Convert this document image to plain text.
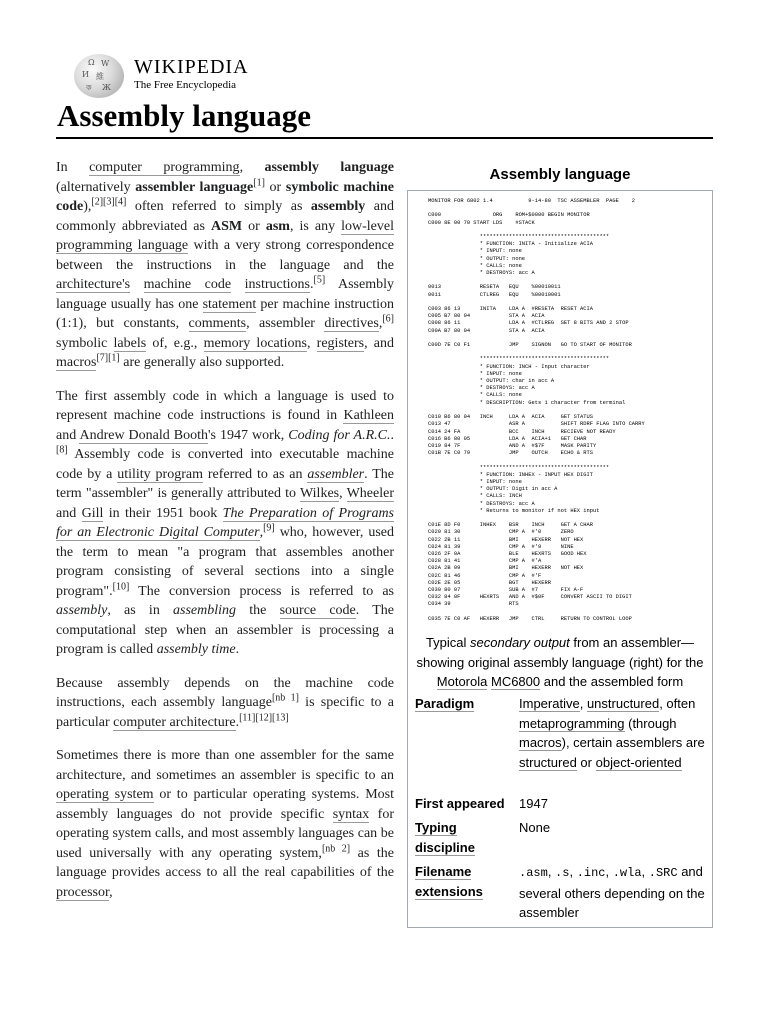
Ω W
И 維
ক Ж
WIKIPEDIA
The Free Encyclopedia
Assembly language

In computer programming, assembly language (alternatively assembler language[1] or symbolic machine code),[2][3][4] often referred to simply as assembly and commonly abbreviated as ASM or asm, is any low-level programming language with a very strong correspondence between the instructions in the language and the architecture's machine code instructions.[5] Assembly language usually has one statement per machine instruction (1:1), but constants, comments, assembler directives,[6] symbolic labels of, e.g., memory locations, registers, and macros[7][1] are generally also supported.

The first assembly code in which a language is used to represent machine code instructions is found in Kathleen and Andrew Donald Booth's 1947 work, Coding for A.R.C..[8] Assembly code is converted into executable machine code by a utility program referred to as an assembler. The term "assembler" is generally attributed to Wilkes, Wheeler and Gill in their 1951 book The Preparation of Programs for an Electronic Digital Computer,[9] who, however, used the term to mean "a program that assembles another program consisting of several sections into a single program".[10] The conversion process is referred to as assembly, as in assembling the source code. The computational step when an assembler is processing a program is called assembly time.

Because assembly depends on the machine code instructions, each assembly language[nb 1] is specific to a particular computer architecture.[11][12][13]

Sometimes there is more than one assembler for the same architecture, and sometimes an assembler is specific to an operating system or to particular operating systems. Most assembly languages do not provide specific syntax for operating system calls, and most assembly languages can be used universally with any operating system,[nb 2] as the language provides access to all the real capabilities of the processor,

Assembly language
MONITOR FOR 6802 1.4           9-14-80  TSC ASSEMBLER  PAGE    2

C000                ORG    ROM+$0000 BEGIN MONITOR
C000 8E 00 70 START LDS    #STACK

****************************************
* FUNCTION: INITA - Initialize ACIA
* INPUT: none
* OUTPUT: none
* CALLS: none
* DESTROYS: acc A

0013            RESETA   EQU    %00010011
0011            CTLREG   EQU    %00010001

C003 86 13      INITA    LDA A  #RESETA  RESET ACIA
C005 B7 80 04            STA A  ACIA
C008 86 11               LDA A  #CTLREG  SET 8 BITS AND 2 STOP
C00A B7 80 04            STA A  ACIA

C00D 7E C0 F1            JMP    SIGNON   GO TO START OF MONITOR

****************************************
* FUNCTION: INCH - Input character
* INPUT: none
* OUTPUT: char in acc A
* DESTROYS: acc A
* CALLS: none
* DESCRIPTION: Gets 1 character from terminal

C010 B6 80 04   INCH     LDA A  ACIA     GET STATUS
C013 47                  ASR A           SHIFT RDRF FLAG INTO CARRY
C014 24 FA               BCC    INCH     RECIEVE NOT READY
C016 B6 80 05            LDA A  ACIA+1   GET CHAR
C019 84 7F               AND A  #$7F     MASK PARITY
C01B 7E C0 79            JMP    OUTCH    ECHO & RTS

****************************************
* FUNCTION: INHEX - INPUT HEX DIGIT
* INPUT: none
* OUTPUT: Digit in acc A
* CALLS: INCH
* DESTROYS: acc A
* Returns to monitor if not HEX input

C01E 8D F0      INHEX    BSR    INCH     GET A CHAR
C020 81 30               CMP A  #'0      ZERO
C022 2B 11               BMI    HEXERR   NOT HEX
C024 81 39               CMP A  #'9      NINE
C026 2F 0A               BLE    HEXRTS   GOOD HEX
C028 81 41               CMP A  #'A
C02A 2B 09               BMI    HEXERR   NOT HEX
C02C 81 46               CMP A  #'F
C02E 2E 05               BGT    HEXERR
C030 80 07               SUB A  #7       FIX A-F
C032 84 0F      HEXRTS   AND A  #$0F     CONVERT ASCII TO DIGIT
C034 39                  RTS

C035 7E C0 AF   HEXERR   JMP    CTRL     RETURN TO CONTROL LOOP
Typical secondary output from an assembler—showing original assembly language (right) for the Motorola MC6800 and the assembled form
Paradigm	Imperative, unstructured, often metaprogramming (through macros), certain assemblers are structured or object-oriented
First appeared	1947
Typing discipline
None
Filename extensions
.asm, .s, .inc, .wla, .SRC and several others depending on the assembler
